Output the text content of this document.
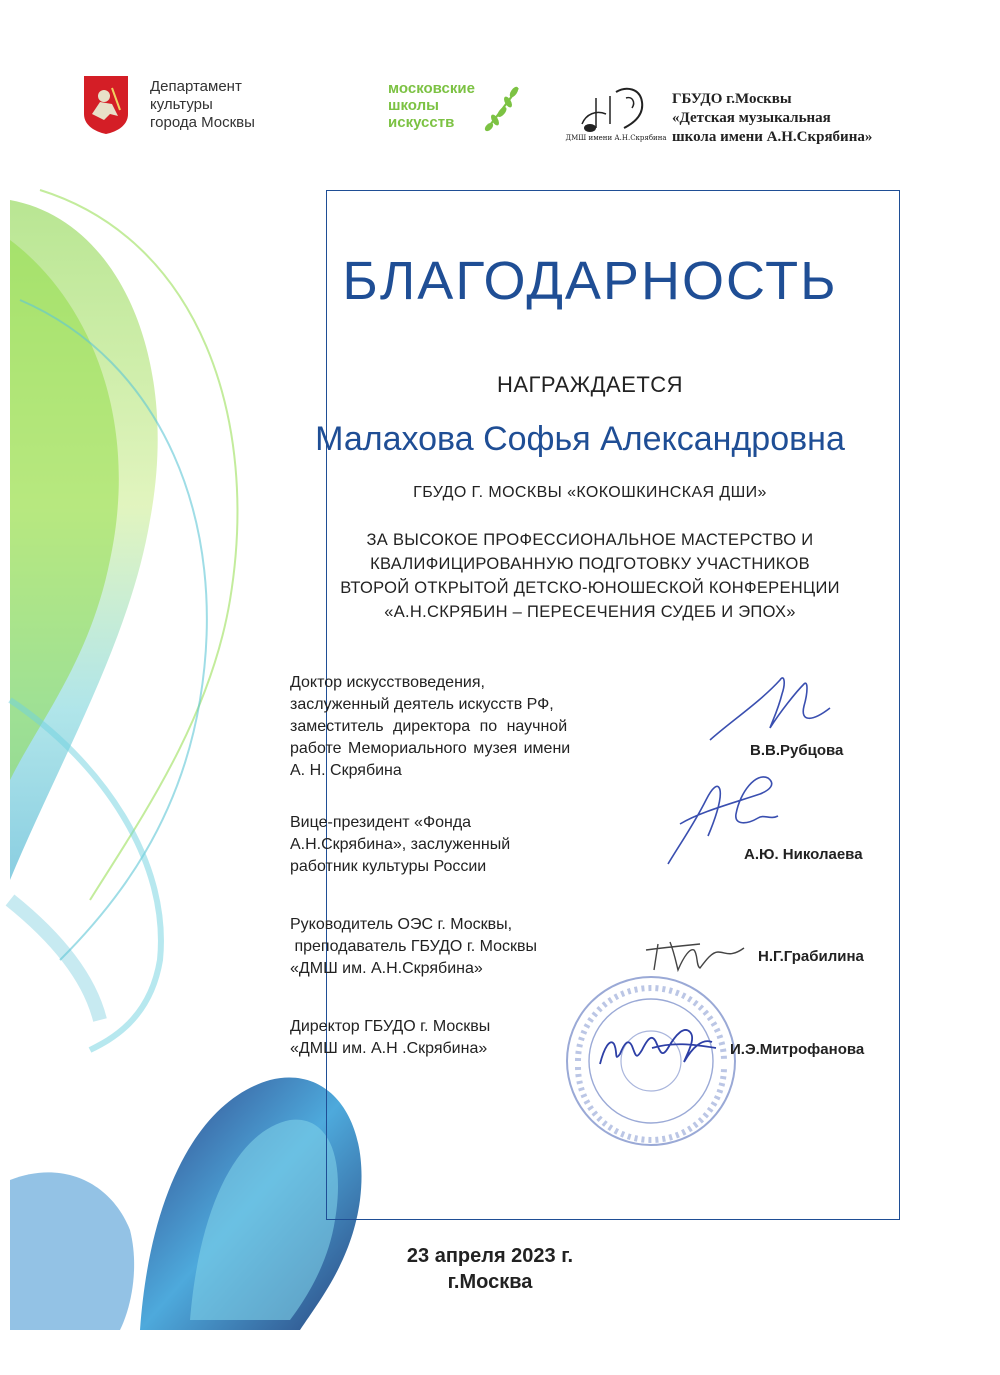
Департамент
культуры
города Москвы
московские
школы
искусств
ДМШ имени А.Н.Скрябина
ГБУДО г.Москвы
«Детская музыкальная
школа имени А.Н.Скрябина»
БЛАГОДАРНОСТЬ
НАГРАЖДАЕТСЯ
Малахова Софья Александровна
ГБУДО Г. МОСКВЫ «КОКОШКИНСКАЯ ДШИ»
ЗА ВЫСОКОЕ ПРОФЕССИОНАЛЬНОЕ МАСТЕРСТВО И
КВАЛИФИЦИРОВАННУЮ ПОДГОТОВКУ УЧАСТНИКОВ
ВТОРОЙ ОТКРЫТОЙ ДЕТСКО-ЮНОШЕСКОЙ КОНФЕРЕНЦИИ
«А.Н.СКРЯБИН – ПЕРЕСЕЧЕНИЯ СУДЕБ И ЭПОХ»
Доктор искусствоведения,
заслуженный деятель искусств РФ,
заместитель директора по научной
работе Мемориального музея имени
А. Н. Скрябина
В.В.Рубцова
Вице-президент «Фонда
А.Н.Скрябина», заслуженный
работник культуры России
А.Ю. Николаева
Руководитель ОЭС г. Москвы,
преподаватель ГБУДО г. Москвы
«ДМШ им. А.Н.Скрябина»
Н.Г.Грабилина
Директор ГБУДО г. Москвы
«ДМШ им. А.Н .Скрябина»	И.Э.Митрофанова
23 апреля 2023 г.
г.Москва
